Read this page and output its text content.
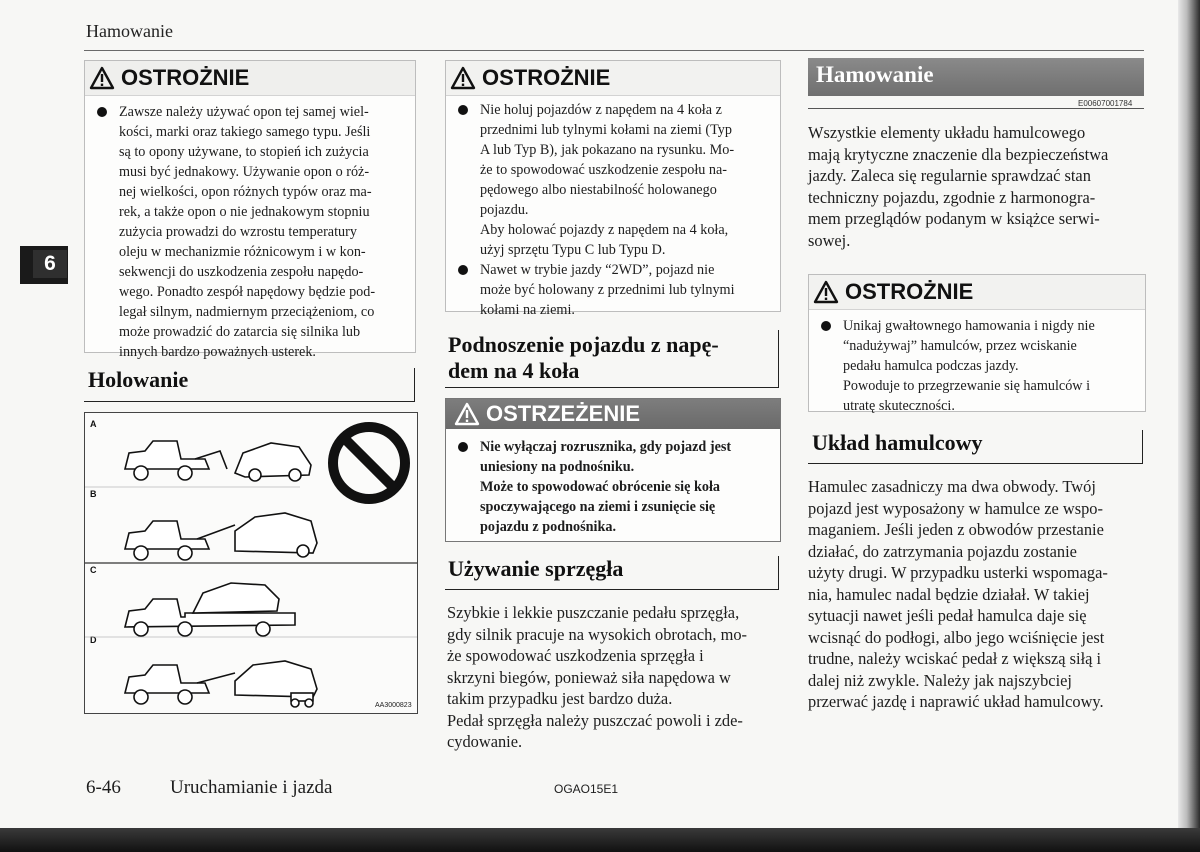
Hamowanie
6
OSTROŻNIE
Zawsze należy używać opon tej samej wiel-
kości, marki oraz takiego samego typu. Jeśli
są to opony używane, to stopień ich zużycia
musi być jednakowy. Używanie opon o róż-
nej wielkości, opon różnych typów oraz ma-
rek, a także opon o nie jednakowym stopniu
zużycia prowadzi do wzrostu temperatury
oleju w mechanizmie różnicowym i w kon-
sekwencji do uszkodzenia zespołu napędo-
wego. Ponadto zespół napędowy będzie pod-
legał silnym, nadmiernym przeciążeniom, co
może prowadzić do zatarcia się silnika lub
innych bardzo poważnych usterek.
Holowanie
A
B
C
D
AA3000823
OSTROŻNIE
Nie holuj pojazdów z napędem na 4 koła z
przednimi lub tylnymi kołami na ziemi (Typ
A lub Typ B), jak pokazano na rysunku. Mo-
że to spowodować uszkodzenie zespołu na-
pędowego albo niestabilność holowanego
pojazdu.
Aby holować pojazdy z napędem na 4 koła,
użyj sprzętu Typu C lub Typu D.
Nawet w trybie jazdy “2WD”, pojazd nie
może być holowany z przednimi lub tylnymi
kołami na ziemi.
Podnoszenie pojazdu z napę-
dem na 4 koła
OSTRZEŻENIE
Nie wyłączaj rozrusznika, gdy pojazd jest
uniesiony na podnośniku.
Może to spowodować obrócenie się koła
spoczywającego na ziemi i zsunięcie się
pojazdu z podnośnika.
Używanie sprzęgła
Szybkie i lekkie puszczanie pedału sprzęgła,
gdy silnik pracuje na wysokich obrotach, mo-
że spowodować uszkodzenia sprzęgła i
skrzyni biegów, ponieważ siła napędowa w
takim przypadku jest bardzo duża.
Pedał sprzęgła należy puszczać powoli i zde-
cydowanie.
Hamowanie
E00607001784
Wszystkie elementy układu hamulcowego
mają krytyczne znaczenie dla bezpieczeństwa
jazdy. Zaleca się regularnie sprawdzać stan
techniczny pojazdu, zgodnie z harmonogra-
mem przeglądów podanym w książce serwi-
sowej.
OSTROŻNIE
Unikaj gwałtownego hamowania i nigdy nie
“nadużywaj” hamulców, przez wciskanie
pedału hamulca podczas jazdy.
Powoduje to przegrzewanie się hamulców i
utratę skuteczności.
Układ hamulcowy
Hamulec zasadniczy ma dwa obwody. Twój
pojazd jest wyposażony w hamulce ze wspo-
maganiem. Jeśli jeden z obwodów przestanie
działać, do zatrzymania pojazdu zostanie
użyty drugi. W przypadku usterki wspomaga-
nia, hamulec nadal będzie działał. W takiej
sytuacji nawet jeśli pedał hamulca daje się
wcisnąć do podłogi, albo jego wciśnięcie jest
trudne, należy wciskać pedał z większą siłą i
dalej niż zwykle. Należy jak najszybciej
przerwać jazdę i naprawić układ hamulcowy.
6-46	Uruchamianie i jazda	OGAO15E1
